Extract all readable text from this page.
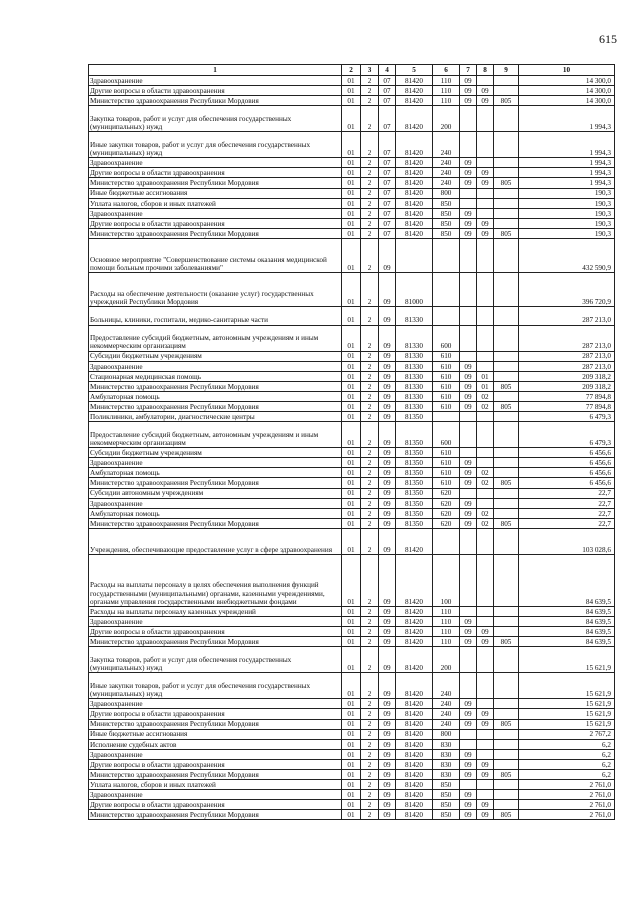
615
1	2	3	4	5	6	7	8	9	10
Здравоохранение	01	2	07	81420	110	09			14 300,0
Другие вопросы в области здравоохранения	01	2	07	81420	110	09	09		14 300,0
Министерство здравоохранения Республики Мордовия	01	2	07	81420	110	09	09	805	14 300,0
Закупка товаров, работ и услуг для обеспечения государственных (муниципальных) нужд	01	2	07	81420	200				1 994,3
Иные закупки товаров, работ и услуг для обеспечения государственных (муниципальных) нужд	01	2	07	81420	240				1 994,3
Здравоохранение	01	2	07	81420	240	09			1 994,3
Другие вопросы в области здравоохранения	01	2	07	81420	240	09	09		1 994,3
Министерство здравоохранения Республики Мордовия	01	2	07	81420	240	09	09	805	1 994,3
Иные бюджетные ассигнования	01	2	07	81420	800				190,3
Уплата налогов, сборов и иных платежей	01	2	07	81420	850				190,3
Здравоохранение	01	2	07	81420	850	09			190,3
Другие вопросы в области здравоохранения	01	2	07	81420	850	09	09		190,3
Министерство здравоохранения Республики Мордовия	01	2	07	81420	850	09	09	805	190,3
Основное мероприятие "Совершенствование системы оказания медицинской помощи больным прочими заболеваниями"	01	2	09						432 590,9
Расходы на обеспечение деятельности (оказание услуг) государственных учреждений Республики Мордовия	01	2	09	81000					396 720,9
Больницы, клиники, госпитали, медико-санитарные части	01	2	09	81330					287 213,0
Предоставление субсидий бюджетным, автономным учреждениям и иным некоммерческим организациям	01	2	09	81330	600				287 213,0
Субсидии бюджетным учреждениям	01	2	09	81330	610				287 213,0
Здравоохранение	01	2	09	81330	610	09			287 213,0
Стационарная медицинская помощь	01	2	09	81330	610	09	01		209 318,2
Министерство здравоохранения Республики Мордовия	01	2	09	81330	610	09	01	805	209 318,2
Амбулаторная помощь	01	2	09	81330	610	09	02		77 894,8
Министерство здравоохранения Республики Мордовия	01	2	09	81330	610	09	02	805	77 894,8
Поликлиники, амбулатории, диагностические центры	01	2	09	81350					6 479,3
Предоставление субсидий бюджетным, автономным учреждениям и иным некоммерческим организациям	01	2	09	81350	600				6 479,3
Субсидии бюджетным учреждениям	01	2	09	81350	610				6 456,6
Здравоохранение	01	2	09	81350	610	09			6 456,6
Амбулаторная помощь	01	2	09	81350	610	09	02		6 456,6
Министерство здравоохранения Республики Мордовия	01	2	09	81350	610	09	02	805	6 456,6
Субсидии автономным учреждениям	01	2	09	81350	620				22,7
Здравоохранение	01	2	09	81350	620	09			22,7
Амбулаторная помощь	01	2	09	81350	620	09	02		22,7
Министерство здравоохранения Республики Мордовия	01	2	09	81350	620	09	02	805	22,7
Учреждения, обеспечивающие предоставление услуг в сфере здравоохранения	01	2	09	81420					103 028,6
Расходы на выплаты персоналу в целях обеспечения выполнения функций государственными (муниципальными) органами, казенными учреждениями, органами управления государственными внебюджетными фондами	01	2	09	81420	100				84 639,5
Расходы на выплаты персоналу казенных учреждений	01	2	09	81420	110				84 639,5
Здравоохранение	01	2	09	81420	110	09			84 639,5
Другие вопросы в области здравоохранения	01	2	09	81420	110	09	09		84 639,5
Министерство здравоохранения Республики Мордовия	01	2	09	81420	110	09	09	805	84 639,5
Закупка товаров, работ и услуг для обеспечения государственных (муниципальных) нужд	01	2	09	81420	200				15 621,9
Иные закупки товаров, работ и услуг для обеспечения государственных (муниципальных) нужд	01	2	09	81420	240				15 621,9
Здравоохранение	01	2	09	81420	240	09			15 621,9
Другие вопросы в области здравоохранения	01	2	09	81420	240	09	09		15 621,9
Министерство здравоохранения Республики Мордовия	01	2	09	81420	240	09	09	805	15 621,9
Иные бюджетные ассигнования	01	2	09	81420	800				2 767,2
Исполнение судебных актов	01	2	09	81420	830				6,2
Здравоохранение	01	2	09	81420	830	09			6,2
Другие вопросы в области здравоохранения	01	2	09	81420	830	09	09		6,2
Министерство здравоохранения Республики Мордовия	01	2	09	81420	830	09	09	805	6,2
Уплата налогов, сборов и иных платежей	01	2	09	81420	850				2 761,0
Здравоохранение	01	2	09	81420	850	09			2 761,0
Другие вопросы в области здравоохранения	01	2	09	81420	850	09	09		2 761,0
Министерство здравоохранения Республики Мордовия	01	2	09	81420	850	09	09	805	2 761,0
